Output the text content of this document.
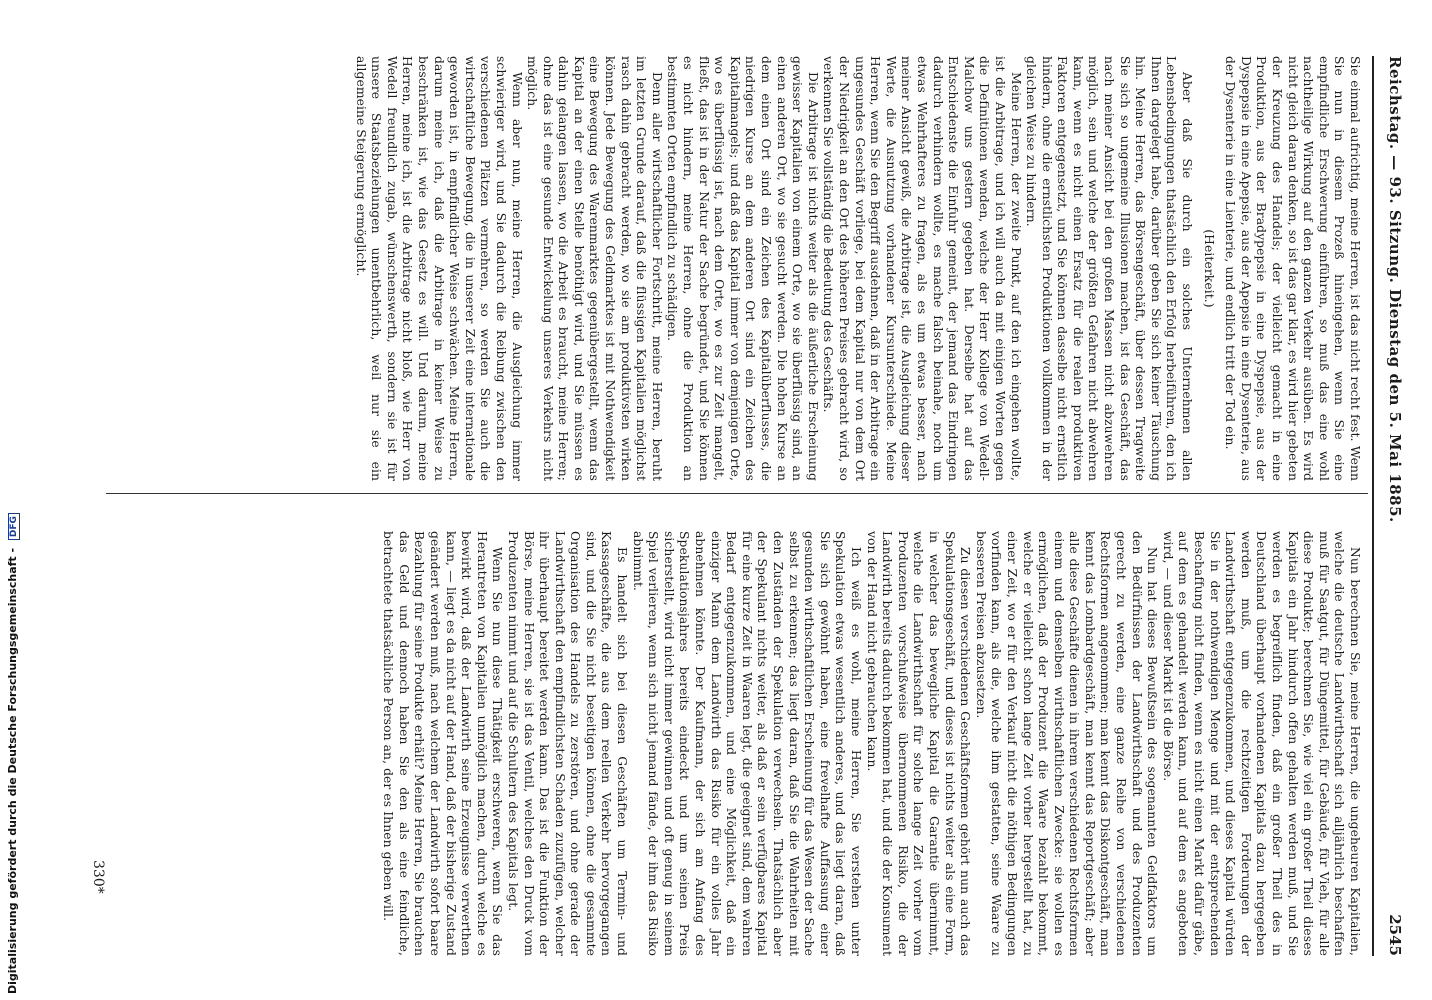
Reichstag. — 93. Sitzung. Dienstag den 5. Mai 1885.
2545

Sie einmal aufrichtig, meine Herren, ist das nicht recht fest. Wenn Sie nun in diesem Prozeß hineingehen, wenn Sie eine empfindliche Erschwerung einführen, so muß das eine wohl nachtheilige Wirkung auf den ganzen Verkehr ausüben. Es wird nicht gleich daran denken, so ist das gar klar, es wird hier gebeten der Kreuzung des Handels; der vielleicht gemacht in eine Produktion, aus der Bradypepsie in eine Dyspepsie, aus der Dyspepsie in eine Apepsie, aus der Apepsie in eine Dysenterie, aus der Dysenterie in eine Lienterie, und endlich tritt der Tod ein.

(Heiterkeit.)

Aber daß Sie durch ein solches Unternehmen allen Lebensbedingungen thatsächlich den Erfolg herbeiführen, den ich Ihnen dargelegt habe, darüber geben Sie sich keiner Täuschung hin. Meine Herren, das Börsengeschäft, über dessen Tragweite Sie sich so ungemeine Illusionen machen, ist das Geschäft, das nach meiner Ansicht bei den großen Massen nicht abzuwehren möglich, sein und welche der größten Gefahren nicht abwehren kann, wenn es nicht einen Ersatz für die realen produktiven Faktoren entgegensetzt, und Sie können dasselbe nicht ernstlich hindern, ohne die ernstlichsten Produktionen vollkommen in der gleichen Weise zu hindern.

Meine Herren, der zweite Punkt, auf den ich eingehen wollte, ist die Arbitrage, und ich will auch da mit einigen Worten gegen die Definitionen wenden, welche der Herr Kollege von Wedell-Malchow uns gestern gegeben hat. Derselbe hat auf das Entschiedenste die Einfuhr gemeint, der jemand das Eindringen dadurch verhindern wollte, es mache falsch beinahe, noch um etwas Wehrhafteres zu fragen, als es um etwas besser, nach meiner Ansicht gewiß, die Arbitrage ist, die Ausgleichung dieser Werte, die Ausnutzung vorhandener Kursunterschiede. Meine Herren, wenn Sie den Begriff ausdehnen, daß in der Arbitrage ein ungesundes Geschäft vorliege, bei dem Kapital nur von dem Ort der Niedrigkeit an den Ort des höheren Preises gebracht wird, so verkennen Sie vollständig die Bedeutung des Geschäfts.

Die Arbitrage ist nichts weiter als die äußerliche Erscheinung gewisser Kapitalien von einem Orte, wo sie überflüssig sind, an einen anderen Ort, wo sie gesucht werden. Die hohen Kurse an dem einen Ort sind ein Zeichen des Kapitalüberflusses, die niedrigen Kurse an dem anderen Ort sind ein Zeichen des Kapitalmangels; und daß das Kapital immer von demjenigen Orte, wo es überflüssig ist, nach dem Orte, wo es zur Zeit mangelt, fließt, das ist in der Natur der Sache begründet, und Sie können es nicht hindern, meine Herren, ohne die Produktion an bestimmten Orten empfindlich zu schädigen.

Denn aller wirtschaftlicher Fortschritt, meine Herren, beruht im letzten Grunde darauf, daß die flüssigen Kapitalien möglichst rasch dahin gebracht werden, wo sie am produktivsten wirken können. Jede Bewegung des Geldmarktes ist mit Nothwendigkeit eine Bewegung des Warenmarktes gegenübergestellt, wenn das Kapital an der einen Stelle benöthigt wird, und Sie müssen es dahin gelangen lassen, wo die Arbeit es braucht, meine Herren; ohne das ist eine gesunde Entwickelung unseres Verkehrs nicht möglich.

Wenn aber nun, meine Herren, die Ausgleichung immer schwieriger wird, und Sie dadurch die Reibung zwischen den verschiedenen Plätzen vermehren, so werden Sie auch die wirtschaftliche Bewegung, die in unserer Zeit eine internationale geworden ist, in empfindlicher Weise schwächen. Meine Herren, darum meine ich, daß die Arbitrage in keiner Weise zu beschränken ist, wie das Gesetz es will. Und darum, meine Herren, meine ich, ist die Arbitrage nicht bloß, wie Herr von Wedell freundlich zugab, wünschenswerth, sondern sie ist für unsere Staatsbeziehungen unentbehrlich, weil nur sie ein allgemeine Steigerung ermöglicht.

Nun berechnen Sie, meine Herren, die ungeheuren Kapitalien, welche die deutsche Landwirthschaft sich alljährlich beschaffen muß für Saatgut, für Düngemittel, für Gebäude, für Vieh, für alle diese Produkte; berechnen Sie, wie viel ein großer Theil dieses Kapitals ein Jahr hindurch offen gehalten werden muß, und Sie werden es begreiflich finden, daß ein großer Theil des in Deutschland überhaupt vorhandenen Kapitals dazu hergegeben werden muß, um die rechtzeitigen Forderungen der Landwirthschaft entgegenzukommen, und dieses Kapital würden Sie in der nothwendigen Menge und mit der entsprechenden Beschaffung nicht finden, wenn es nicht einen Markt dafür gäbe, auf dem es gehandelt werden kann, und auf dem es angeboten wird, — und dieser Markt ist die Börse.

Nun hat dieses Bewußtsein des sogenannten Geldfaktors um den Bedürfnissen der Landwirthschaft und des Produzenten gerecht zu werden, eine ganze Reihe von verschiedenen Rechtsformen angenommen; man kennt das Diskontgeschäft, man kennt das Lombardgeschäft, man kennt das Reportgeschäft; aber alle diese Geschäfte dienen in ihrem verschiedenen Rechtsformen einem und demselben wirthschaftlichen Zwecke: sie wollen es ermöglichen, daß der Produzent die Waare bezahlt bekommt, welche er vielleicht schon lange Zeit vorher hergestellt hat, zu einer Zeit, wo er für den Verkauf nicht die nöthigen Bedingungen vorfinden kann, als die, welche ihm gestatten, seine Waare zu besseren Preisen abzusetzen.

Zu diesen verschiedenen Geschäftsformen gehört nun auch das Spekulationsgeschäft, und dieses ist nichts weiter als eine Form, in welcher das bewegliche Kapital die Garantie übernimmt, welche die Landwirthschaft für solche lange Zeit vorher vom Produzenten vorschußweise übernommenen Risiko, die der Landwirth bereits dadurch bekommen hat, und die der Konsument von der Hand nicht gebrauchen kann.

Ich weiß es wohl, meine Herren, Sie verstehen unter Spekulation etwas wesentlich anderes, und das liegt daran, daß Sie sich gewöhnt haben, eine frevelhafte Auffassung einer gesunden wirthschaftlichen Erscheinung für das Wesen der Sache selbst zu erkennen; das liegt daran, daß Sie die Wahrheiten mit den Zuständen der Spekulation verwechseln. Thatsächlich aber der Spekulant nichts weiter, als daß er sein verfügbares Kapital für eine kurze Zeit in Waaren legt, die geeignet sind, dem wahren Bedarf entgegenzukommen, und eine Möglichkeit, daß ein einziger Mann dem Landwirth das Risiko für ein volles Jahr abnehmen könnte. Der Kaufmann, der sich am Anfang des Spekulationsjahres bereits eindeckt und um seinen Preis sicherstellt, wird nicht immer gewinnen und oft genug in seinem Spiel verlieren, wenn sich nicht jemand fände, der ihm das Risiko abnimmt.

Es handelt sich bei diesen Geschäften um Termin- und Kassageschäfte, die aus dem reellen Verkehr hervorgegangen sind, und die Sie nicht beseitigen können, ohne die gesammte Organisation des Handels zu zerstören, und ohne gerade der Landwirthschaft den empfindlichsten Schaden zuzufügen, welcher ihr überhaupt bereitet werden kann. Das ist die Funktion der Börse, meine Herren, sie ist das Ventil, welches den Druck vom Produzenten nimmt und auf die Schultern des Kapitals legt.

Wenn Sie nun diese Thätigkeit erschweren, wenn Sie das Herantreten von Kapitalien unmöglich machen, durch welche es bewirkt wird, daß der Landwirth seine Erzeugnisse verwerthen kann, — liegt es da nicht auf der Hand, daß der bisherige Zustand geändert werden muß, nach welchem der Landwirth sofort baare Bezahlung für seine Produkte erhält? Meine Herren, Sie brauchen das Geld und dennoch haben Sie den als eine feindliche, betrachtete thatsächliche Person an, der es Ihnen geben will.

330*
Digitalisierung gefördert durch die Deutsche Forschungsgemeinschaft - DFG
